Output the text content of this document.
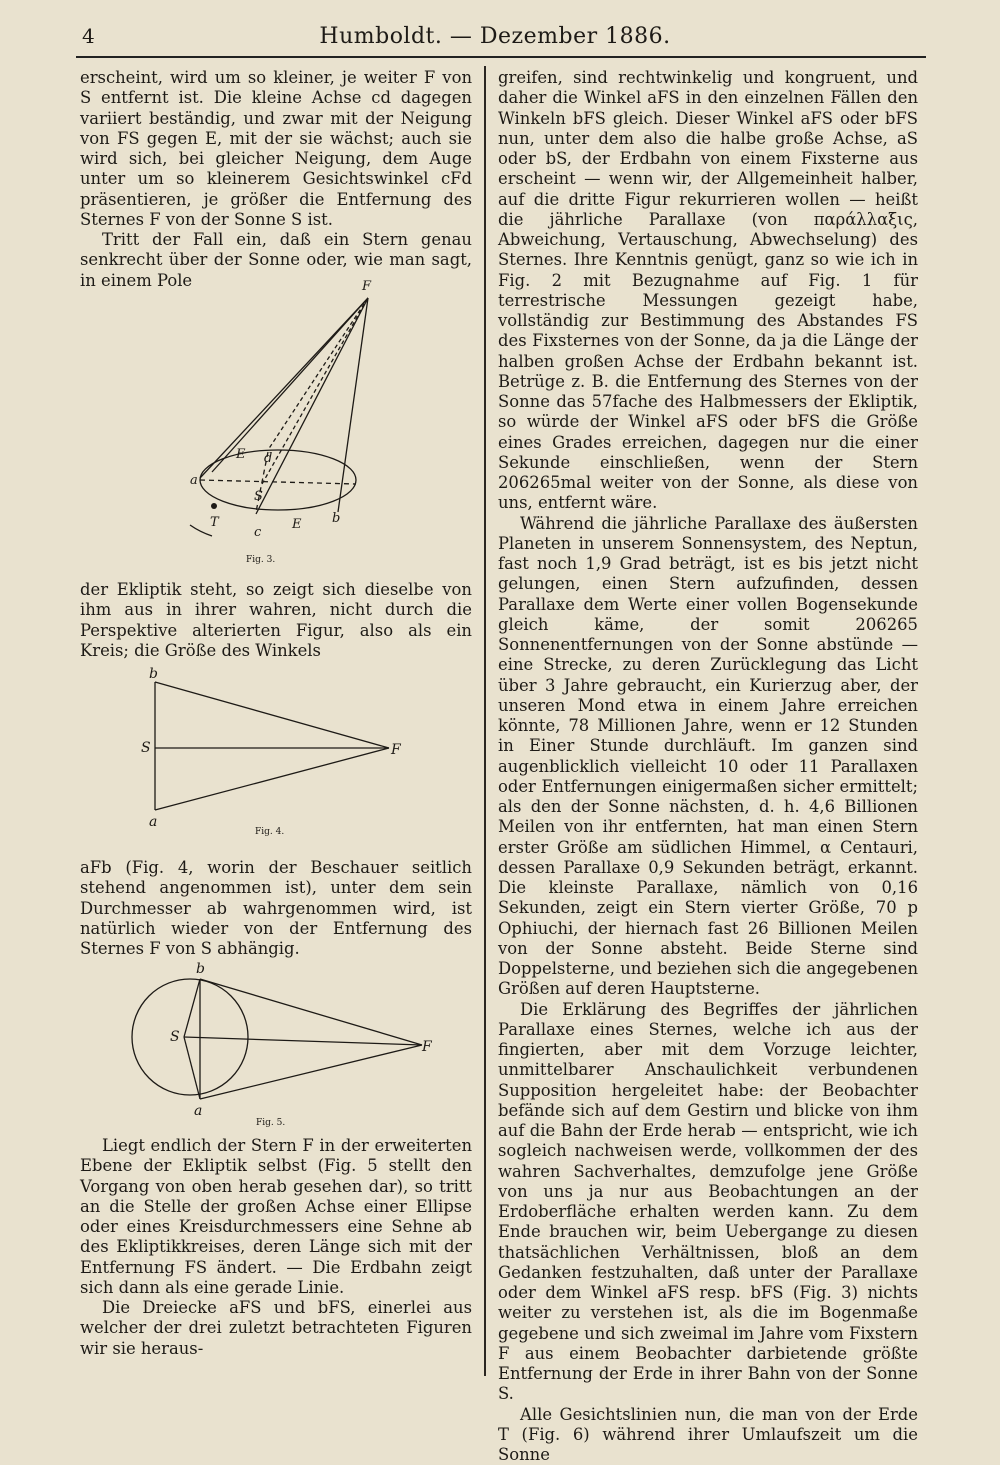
4	Humboldt. — Dezember 1886.

erscheint, wird um so kleiner, je weiter F von S entfernt ist. Die kleine Achse cd dagegen variiert beständig, und zwar mit der Neigung von FS gegen E, mit der sie wächst; auch sie wird sich, bei gleicher Neigung, dem Auge unter um so kleinerem Gesichtswinkel cFd präsentieren, je größer die Entfernung des Sternes F von der Sonne S ist.

Tritt der Fall ein, daß ein Stern genau senkrecht über der Sonne oder, wie man sagt, in einem Pole	F
E d
a
S
b
T
c
E
Fig. 3.

der Ekliptik steht, so zeigt sich dieselbe von ihm aus in ihrer wahren, nicht durch die Perspektive alterierten Figur, also als ein Kreis; die Größe des Winkels

b
S	F
a
Fig. 4.

aFb (Fig. 4, worin der Beschauer seitlich stehend angenommen ist), unter dem sein Durchmesser ab wahrgenommen wird, ist natürlich wieder von der Entfernung des Sternes F von S abhängig.

b
S
F
a
Fig. 5.

Liegt endlich der Stern F in der erweiterten Ebene der Ekliptik selbst (Fig. 5 stellt den Vorgang von oben herab gesehen dar), so tritt an die Stelle der großen Achse einer Ellipse oder eines Kreisdurchmessers eine Sehne ab des Ekliptikkreises, deren Länge sich mit der Entfernung FS ändert. — Die Erdbahn zeigt sich dann als eine gerade Linie.

Die Dreiecke aFS und bFS, einerlei aus welcher der drei zuletzt betrachteten Figuren wir sie heraus-

greifen, sind rechtwinkelig und kongruent, und daher die Winkel aFS in den einzelnen Fällen den Winkeln bFS gleich. Dieser Winkel aFS oder bFS nun, unter dem also die halbe große Achse, aS oder bS, der Erdbahn von einem Fixsterne aus erscheint — wenn wir, der Allgemeinheit halber, auf die dritte Figur rekurrieren wollen — heißt die jährliche Parallaxe (von παράλλαξις, Abweichung, Vertauschung, Abwechselung) des Sternes. Ihre Kenntnis genügt, ganz so wie ich in Fig. 2 mit Bezugnahme auf Fig. 1 für terrestrische Messungen gezeigt habe, vollständig zur Bestimmung des Abstandes FS des Fixsternes von der Sonne, da ja die Länge der halben großen Achse der Erdbahn bekannt ist. Betrüge z. B. die Entfernung des Sternes von der Sonne das 57fache des Halbmessers der Ekliptik, so würde der Winkel aFS oder bFS die Größe eines Grades erreichen, dagegen nur die einer Sekunde einschließen, wenn der Stern 206265mal weiter von der Sonne, als diese von uns, entfernt wäre.

Während die jährliche Parallaxe des äußersten Planeten in unserem Sonnensystem, des Neptun, fast noch 1,9 Grad beträgt, ist es bis jetzt nicht gelungen, einen Stern aufzufinden, dessen Parallaxe dem Werte einer vollen Bogensekunde gleich käme, der somit 206265 Sonnenentfernungen von der Sonne abstünde — eine Strecke, zu deren Zurücklegung das Licht über 3 Jahre gebraucht, ein Kurierzug aber, der unseren Mond etwa in einem Jahre erreichen könnte, 78 Millionen Jahre, wenn er 12 Stunden in Einer Stunde durchläuft. Im ganzen sind augenblicklich vielleicht 10 oder 11 Parallaxen oder Entfernungen einigermaßen sicher ermittelt; als den der Sonne nächsten, d. h. 4,6 Billionen Meilen von ihr entfernten, hat man einen Stern erster Größe am südlichen Himmel, α Centauri, dessen Parallaxe 0,9 Sekunden beträgt, erkannt. Die kleinste Parallaxe, nämlich von 0,16 Sekunden, zeigt ein Stern vierter Größe, 70 p Ophiuchi, der hiernach fast 26 Billionen Meilen von der Sonne absteht. Beide Sterne sind Doppelsterne, und beziehen sich die angegebenen Größen auf deren Hauptsterne.

Die Erklärung des Begriffes der jährlichen Parallaxe eines Sternes, welche ich aus der fingierten, aber mit dem Vorzuge leichter, unmittelbarer Anschaulichkeit verbundenen Supposition hergeleitet habe: der Beobachter befände sich auf dem Gestirn und blicke von ihm auf die Bahn der Erde herab — entspricht, wie ich sogleich nachweisen werde, vollkommen der des wahren Sachverhaltes, demzufolge jene Größe von uns ja nur aus Beobachtungen an der Erdoberfläche erhalten werden kann. Zu dem Ende brauchen wir, beim Uebergange zu diesen thatsächlichen Verhältnissen, bloß an dem Gedanken festzuhalten, daß unter der Parallaxe oder dem Winkel aFS resp. bFS (Fig. 3) nichts weiter zu verstehen ist, als die im Bogenmaße gegebene und sich zweimal im Jahre vom Fixstern F aus einem Beobachter darbietende größte Entfernung der Erde in ihrer Bahn von der Sonne S.

Alle Gesichtslinien nun, die man von der Erde T (Fig. 6) während ihrer Umlaufszeit um die Sonne
